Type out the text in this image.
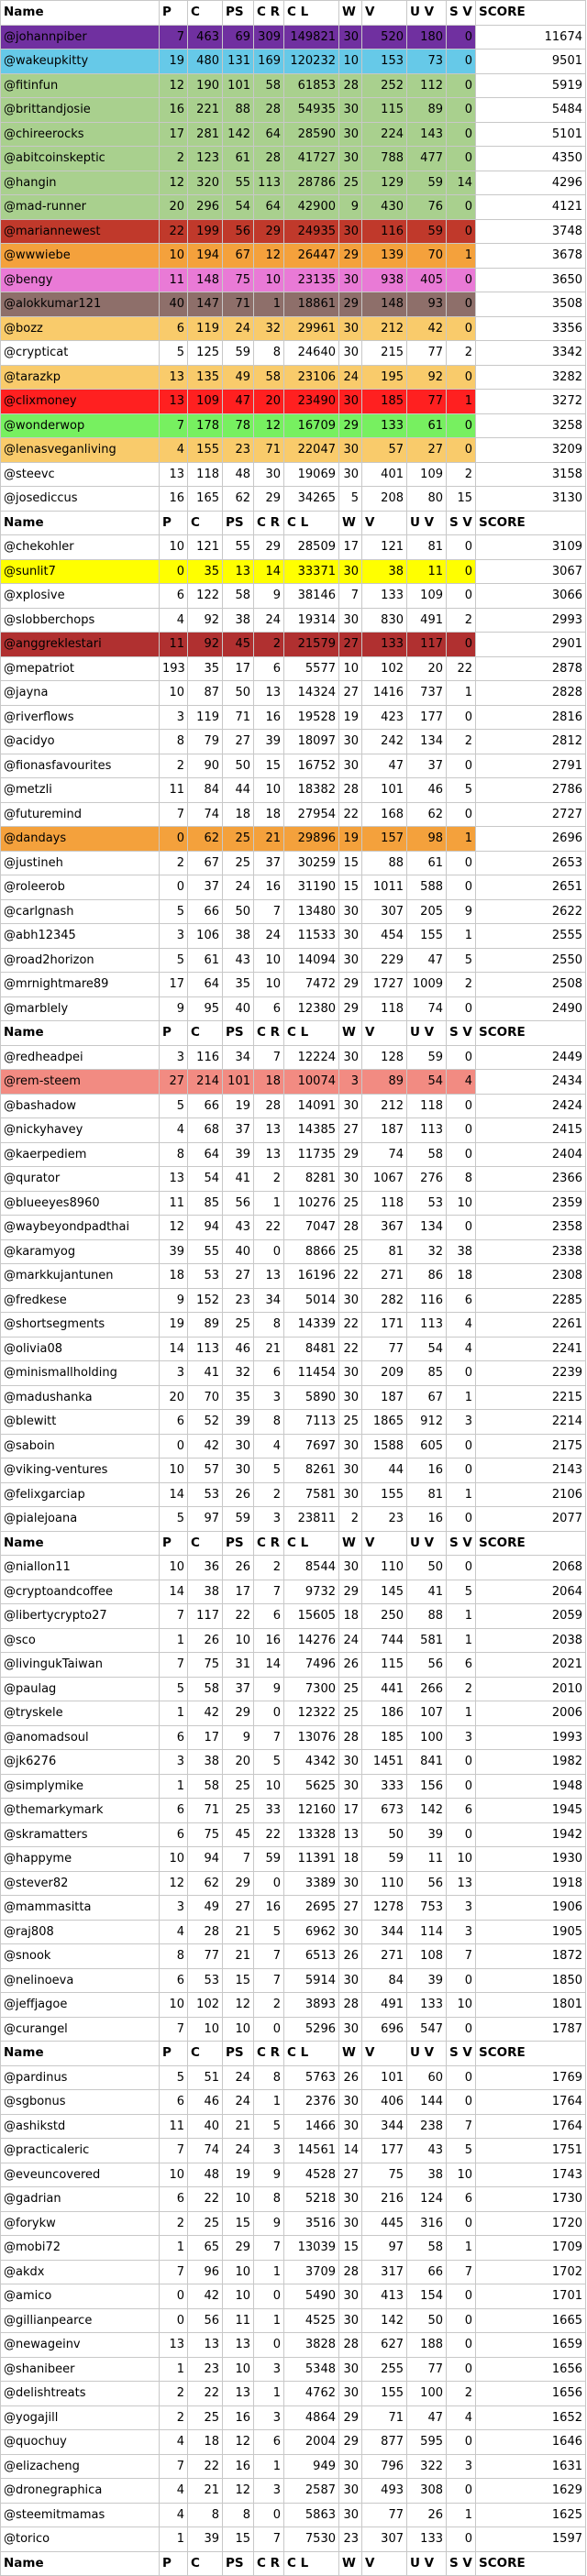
Name	P	C	PS	C R	C L	W	V	U V	S V	SCORE
@johannpiber	7	463	69	309	149821	30	520	180	0	11674
@wakeupkitty	19	480	131	169	120232	10	153	73	0	9501
@fitinfun	12	190	101	58	61853	28	252	112	0	5919
@brittandjosie	16	221	88	28	54935	30	115	89	0	5484
@chireerocks	17	281	142	64	28590	30	224	143	0	5101
@abitcoinskeptic	2	123	61	28	41727	30	788	477	0	4350
@hangin	12	320	55	113	28786	25	129	59	14	4296
@mad-runner	20	296	54	64	42900	9	430	76	0	4121
@mariannewest	22	199	56	29	24935	30	116	59	0	3748
@wwwiebe	10	194	67	12	26447	29	139	70	1	3678
@bengy	11	148	75	10	23135	30	938	405	0	3650
@alokkumar121	40	147	71	1	18861	29	148	93	0	3508
@bozz	6	119	24	32	29961	30	212	42	0	3356
@crypticat	5	125	59	8	24640	30	215	77	2	3342
@tarazkp	13	135	49	58	23106	24	195	92	0	3282
@clixmoney	13	109	47	20	23490	30	185	77	1	3272
@wonderwop	7	178	78	12	16709	29	133	61	0	3258
@lenasveganliving	4	155	23	71	22047	30	57	27	0	3209
@steevc	13	118	48	30	19069	30	401	109	2	3158
@josediccus	16	165	62	29	34265	5	208	80	15	3130
Name	P	C	PS	C R	C L	W	V	U V	S V	SCORE
@chekohler	10	121	55	29	28509	17	121	81	0	3109
@sunlit7	0	35	13	14	33371	30	38	11	0	3067
@xplosive	6	122	58	9	38146	7	133	109	0	3066
@slobberchops	4	92	38	24	19314	30	830	491	2	2993
@anggreklestari	11	92	45	2	21579	27	133	117	0	2901
@mepatriot	193	35	17	6	5577	10	102	20	22	2878
@jayna	10	87	50	13	14324	27	1416	737	1	2828
@riverflows	3	119	71	16	19528	19	423	177	0	2816
@acidyo	8	79	27	39	18097	30	242	134	2	2812
@fionasfavourites	2	90	50	15	16752	30	47	37	0	2791
@metzli	11	84	44	10	18382	28	101	46	5	2786
@futuremind	7	74	18	18	27954	22	168	62	0	2727
@dandays	0	62	25	21	29896	19	157	98	1	2696
@justineh	2	67	25	37	30259	15	88	61	0	2653
@roleerob	0	37	24	16	31190	15	1011	588	0	2651
@carlgnash	5	66	50	7	13480	30	307	205	9	2622
@abh12345	3	106	38	24	11533	30	454	155	1	2555
@road2horizon	5	61	43	10	14094	30	229	47	5	2550
@mrnightmare89	17	64	35	10	7472	29	1727	1009	2	2508
@marblely	9	95	40	6	12380	29	118	74	0	2490
Name	P	C	PS	C R	C L	W	V	U V	S V	SCORE
@redheadpei	3	116	34	7	12224	30	128	59	0	2449
@rem-steem	27	214	101	18	10074	3	89	54	4	2434
@bashadow	5	66	19	28	14091	30	212	118	0	2424
@nickyhavey	4	68	37	13	14385	27	187	113	0	2415
@kaerpediem	8	64	39	13	11735	29	74	58	0	2404
@qurator	13	54	41	2	8281	30	1067	276	8	2366
@blueeyes8960	11	85	56	1	10276	25	118	53	10	2359
@waybeyondpadthai	12	94	43	22	7047	28	367	134	0	2358
@karamyog	39	55	40	0	8866	25	81	32	38	2338
@markkujantunen	18	53	27	13	16196	22	271	86	18	2308
@fredkese	9	152	23	34	5014	30	282	116	6	2285
@shortsegments	19	89	25	8	14339	22	171	113	4	2261
@olivia08	14	113	46	21	8481	22	77	54	4	2241
@minismallholding	3	41	32	6	11454	30	209	85	0	2239
@madushanka	20	70	35	3	5890	30	187	67	1	2215
@blewitt	6	52	39	8	7113	25	1865	912	3	2214
@saboin	0	42	30	4	7697	30	1588	605	0	2175
@viking-ventures	10	57	30	5	8261	30	44	16	0	2143
@felixgarciap	14	53	26	2	7581	30	155	81	1	2106
@pialejoana	5	97	59	3	23811	2	23	16	0	2077
Name	P	C	PS	C R	C L	W	V	U V	S V	SCORE
@niallon11	10	36	26	2	8544	30	110	50	0	2068
@cryptoandcoffee	14	38	17	7	9732	29	145	41	5	2064
@libertycrypto27	7	117	22	6	15605	18	250	88	1	2059
@sco	1	26	10	16	14276	24	744	581	1	2038
@livingukTaiwan	7	75	31	14	7496	26	115	56	6	2021
@paulag	5	58	37	9	7300	25	441	266	2	2010
@tryskele	1	42	29	0	12322	25	186	107	1	2006
@anomadsoul	6	17	9	7	13076	28	185	100	3	1993
@jk6276	3	38	20	5	4342	30	1451	841	0	1982
@simplymike	1	58	25	10	5625	30	333	156	0	1948
@themarkymark	6	71	25	33	12160	17	673	142	6	1945
@skramatters	6	75	45	22	13328	13	50	39	0	1942
@happyme	10	94	7	59	11391	18	59	11	10	1930
@stever82	12	62	29	0	3389	30	110	56	13	1918
@mammasitta	3	49	27	16	2695	27	1278	753	3	1906
@raj808	4	28	21	5	6962	30	344	114	3	1905
@snook	8	77	21	7	6513	26	271	108	7	1872
@nelinoeva	6	53	15	7	5914	30	84	39	0	1850
@jeffjagoe	10	102	12	2	3893	28	491	133	10	1801
@curangel	7	10	10	0	5296	30	696	547	0	1787
Name	P	C	PS	C R	C L	W	V	U V	S V	SCORE
@pardinus	5	51	24	8	5763	26	101	60	0	1769
@sgbonus	6	46	24	1	2376	30	406	144	0	1764
@ashikstd	11	40	21	5	1466	30	344	238	7	1764
@practicaleric	7	74	24	3	14561	14	177	43	5	1751
@eveuncovered	10	48	19	9	4528	27	75	38	10	1743
@gadrian	6	22	10	8	5218	30	216	124	6	1730
@forykw	2	25	15	9	3516	30	445	316	0	1720
@mobi72	1	65	29	7	13039	15	97	58	1	1709
@akdx	7	96	10	1	3709	28	317	66	7	1702
@amico	0	42	10	0	5490	30	413	154	0	1701
@gillianpearce	0	56	11	1	4525	30	142	50	0	1665
@newageinv	13	13	13	0	3828	28	627	188	0	1659
@shanibeer	1	23	10	3	5348	30	255	77	0	1656
@delishtreats	2	22	13	1	4762	30	155	100	2	1656
@yogajill	2	25	16	3	4864	29	71	47	4	1652
@quochuy	4	18	12	6	2004	29	877	595	0	1646
@elizacheng	7	22	16	1	949	30	796	322	3	1631
@dronegraphica	4	21	12	3	2587	30	493	308	0	1629
@steemitmamas	4	8	8	0	5863	30	77	26	1	1625
@torico	1	39	15	7	7530	23	307	133	0	1597
Name	P	C	PS	C R	C L	W	V	U V	S V	SCORE
